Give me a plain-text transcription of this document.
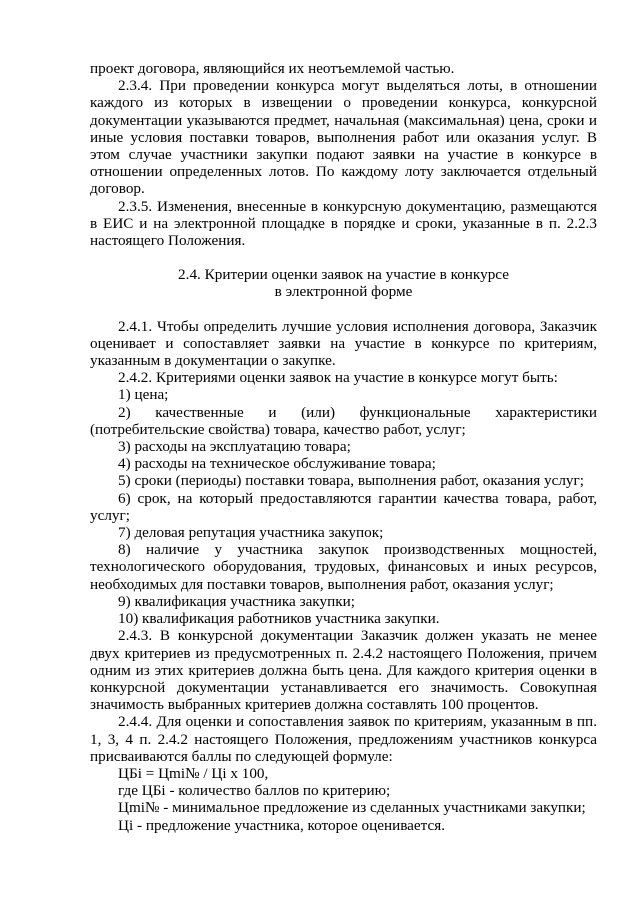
проект договора, являющийся их неотъемлемой частью.

2.3.4. При проведении конкурса могут выделяться лоты, в отношении каждого из которых в извещении о проведении конкурса, конкурсной документации указываются предмет, начальная (максимальная) цена, сроки и иные условия поставки товаров, выполнения работ или оказания услуг. В этом случае участники закупки подают заявки на участие в конкурсе в отношении определенных лотов. По каждому лоту заключается отдельный договор.

2.3.5. Изменения, внесенные в конкурсную документацию, размещаются в ЕИС и на электронной площадке в порядке и сроки, указанные в п. 2.2.3 настоящего Положения.

2.4. Критерии оценки заявок на участие в конкурсе
в электронной форме

2.4.1. Чтобы определить лучшие условия исполнения договора, Заказчик оценивает и сопоставляет заявки на участие в конкурсе по критериям, указанным в документации о закупке.

2.4.2. Критериями оценки заявок на участие в конкурсе могут быть:

1) цена;

2) качественные и (или) функциональные характеристики (потребительские свойства) товара, качество работ, услуг;

3) расходы на эксплуатацию товара;

4) расходы на техническое обслуживание товара;

5) сроки (периоды) поставки товара, выполнения работ, оказания услуг;

6) срок, на который предоставляются гарантии качества товара, работ, услуг;

7) деловая репутация участника закупок;

8) наличие у участника закупок производственных мощностей, технологического оборудования, трудовых, финансовых и иных ресурсов, необходимых для поставки товаров, выполнения работ, оказания услуг;

9) квалификация участника закупки;

10) квалификация работников участника закупки.

2.4.3. В конкурсной документации Заказчик должен указать не менее двух критериев из предусмотренных п. 2.4.2 настоящего Положения, причем одним из этих критериев должна быть цена. Для каждого критерия оценки в конкурсной документации устанавливается его значимость. Совокупная значимость выбранных критериев должна составлять 100 процентов.

2.4.4. Для оценки и сопоставления заявок по критериям, указанным в пп. 1, 3, 4 п. 2.4.2 настоящего Положения, предложениям участников конкурса присваиваются баллы по следующей формуле:

ЦБi = Цmi№ / Цi x 100,

где ЦБi - количество баллов по критерию;

Цmi№ - минимальное предложение из сделанных участниками закупки;

Цi - предложение участника, которое оценивается.
